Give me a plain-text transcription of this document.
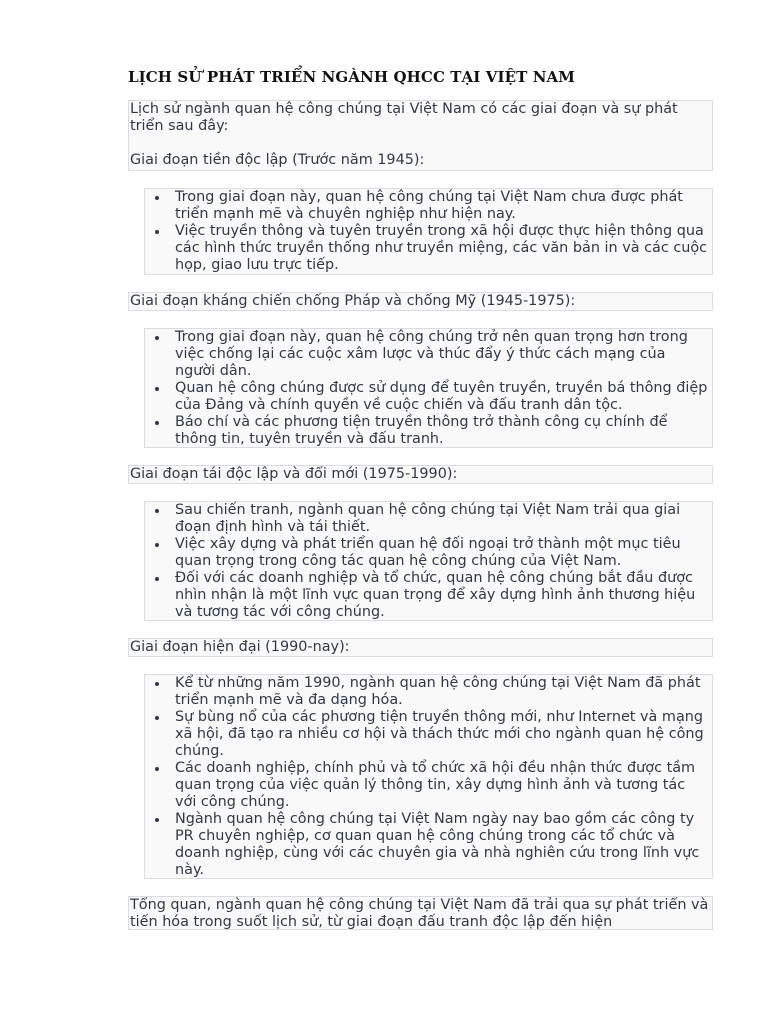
LỊCH SỬ PHÁT TRIỂN NGÀNH QHCC TẠI VIỆT NAM

Lịch sử ngành quan hệ công chúng tại Việt Nam có các giai đoạn và sự phát triển sau đây:

Giai đoạn tiền độc lập (Trước năm 1945):

Trong giai đoạn này, quan hệ công chúng tại Việt Nam chưa được phát triển mạnh mẽ và chuyên nghiệp như hiện nay.
Việc truyền thông và tuyên truyền trong xã hội được thực hiện thông qua các hình thức truyền thống như truyền miệng, các văn bản in và các cuộc họp, giao lưu trực tiếp.
Giai đoạn kháng chiến chống Pháp và chống Mỹ (1945-1975):
Trong giai đoạn này, quan hệ công chúng trở nên quan trọng hơn trong việc chống lại các cuộc xâm lược và thúc đẩy ý thức cách mạng của người dân.
Quan hệ công chúng được sử dụng để tuyên truyền, truyền bá thông điệp của Đảng và chính quyền về cuộc chiến và đấu tranh dân tộc.
Báo chí và các phương tiện truyền thông trở thành công cụ chính để thông tin, tuyên truyền và đấu tranh.
Giai đoạn tái độc lập và đổi mới (1975-1990):
Sau chiến tranh, ngành quan hệ công chúng tại Việt Nam trải qua giai đoạn định hình và tái thiết.
Việc xây dựng và phát triển quan hệ đối ngoại trở thành một mục tiêu quan trọng trong công tác quan hệ công chúng của Việt Nam.
Đối với các doanh nghiệp và tổ chức, quan hệ công chúng bắt đầu được nhìn nhận là một lĩnh vực quan trọng để xây dựng hình ảnh thương hiệu và tương tác với công chúng.
Giai đoạn hiện đại (1990-nay):
Kể từ những năm 1990, ngành quan hệ công chúng tại Việt Nam đã phát triển mạnh mẽ và đa dạng hóa.
Sự bùng nổ của các phương tiện truyền thông mới, như Internet và mạng xã hội, đã tạo ra nhiều cơ hội và thách thức mới cho ngành quan hệ công chúng.
Các doanh nghiệp, chính phủ và tổ chức xã hội đều nhận thức được tầm quan trọng của việc quản lý thông tin, xây dựng hình ảnh và tương tác với công chúng.
Ngành quan hệ công chúng tại Việt Nam ngày nay bao gồm các công ty PR chuyên nghiệp, cơ quan quan hệ công chúng trong các tổ chức và doanh nghiệp, cùng với các chuyên gia và nhà nghiên cứu trong lĩnh vực này.
Tổng quan, ngành quan hệ công chúng tại Việt Nam đã trải qua sự phát triển và tiến hóa trong suốt lịch sử, từ giai đoạn đấu tranh độc lập đến hiện
